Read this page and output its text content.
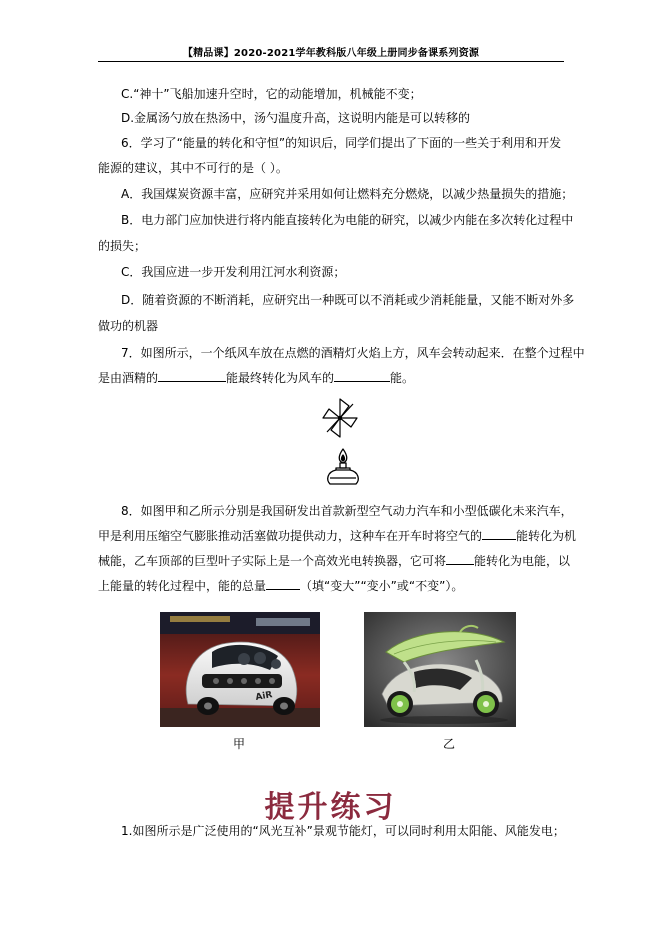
【精品课】2020-2021学年教科版八年级上册同步备课系列资源
C.“神十”飞船加速升空时，它的动能增加，机械能不变；
D.金属汤勺放在热汤中，汤勺温度升高，这说明内能是可以转移的
6．学习了“能量的转化和守恒”的知识后，同学们提出了下面的一些关于利用和开发
能源的建议，其中不可行的是（ ）。
A．我国煤炭资源丰富，应研究并采用如何让燃料充分燃烧，以减少热量损失的措施；
B．电力部门应加快进行将内能直接转化为电能的研究，以减少内能在多次转化过程中
的损失；
C．我国应进一步开发利用江河水利资源；
D．随着资源的不断消耗，应研究出一种既可以不消耗或少消耗能量，又能不断对外多
做功的机器
7．如图所示，一个纸风车放在点燃的酒精灯火焰上方，风车会转动起来．在整个过程中
是由酒精的	能最终转化为风车的	能。
8．如图甲和乙所示分别是我国研发出首款新型空气动力汽车和小型低碳化未来汽车，
甲是利用压缩空气膨胀推动活塞做功提供动力，这种车在开车时将空气的	能转化为机
械能，乙车顶部的巨型叶子实际上是一个高效光电转换器，它可将 能转化为电能，以
上能量的转化过程中，能的总量	（填“变大”“变小”或“不变”）。
AiR
甲	乙
提升练习
1.如图所示是广泛使用的“风光互补”景观节能灯，可以同时利用太阳能、风能发电；
